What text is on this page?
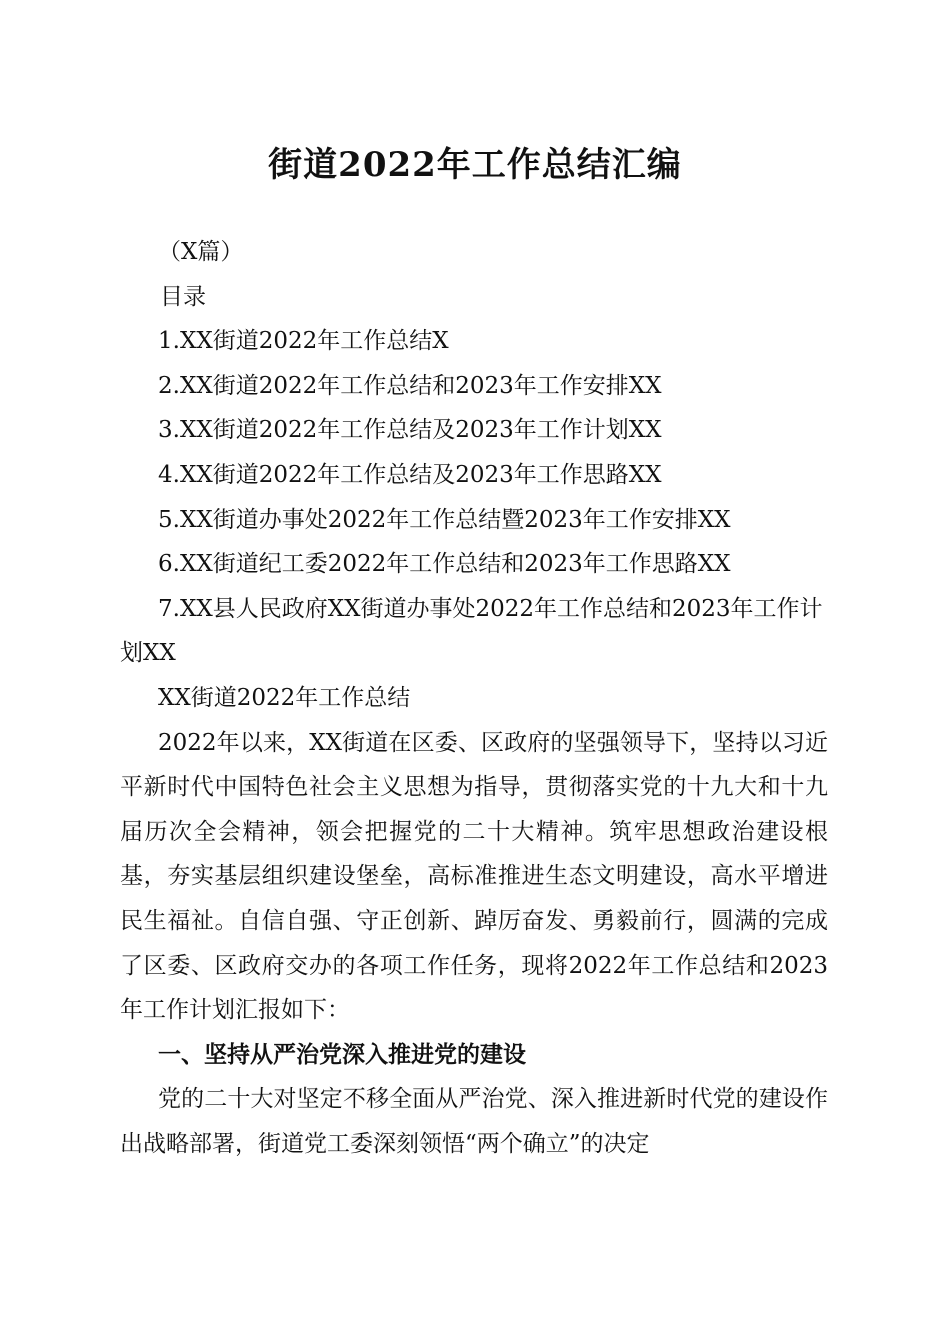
街道2022年工作总结汇编

（X篇）

目录

1.XX街道2022年工作总结X
2.XX街道2022年工作总结和2023年工作安排XX
3.XX街道2022年工作总结及2023年工作计划XX
4.XX街道2022年工作总结及2023年工作思路XX
5.XX街道办事处2022年工作总结暨2023年工作安排XX
6.XX街道纪工委2022年工作总结和2023年工作思路XX
7.XX县人民政府XX街道办事处2022年工作总结和2023年工作计划XX

XX街道2022年工作总结

2022年以来，XX街道在区委、区政府的坚强领导下，坚持以习近平新时代中国特色社会主义思想为指导，贯彻落实党的十九大和十九届历次全会精神，领会把握党的二十大精神。筑牢思想政治建设根基，夯实基层组织建设堡垒，高标准推进生态文明建设，高水平增进民生福祉。自信自强、守正创新、踔厉奋发、勇毅前行，圆满的完成了区委、区政府交办的各项工作任务，现将2022年工作总结和2023年工作计划汇报如下：

一、坚持从严治党深入推进党的建设

党的二十大对坚定不移全面从严治党、深入推进新时代党的建设作出战略部署，街道党工委深刻领悟“两个确立”的决定
